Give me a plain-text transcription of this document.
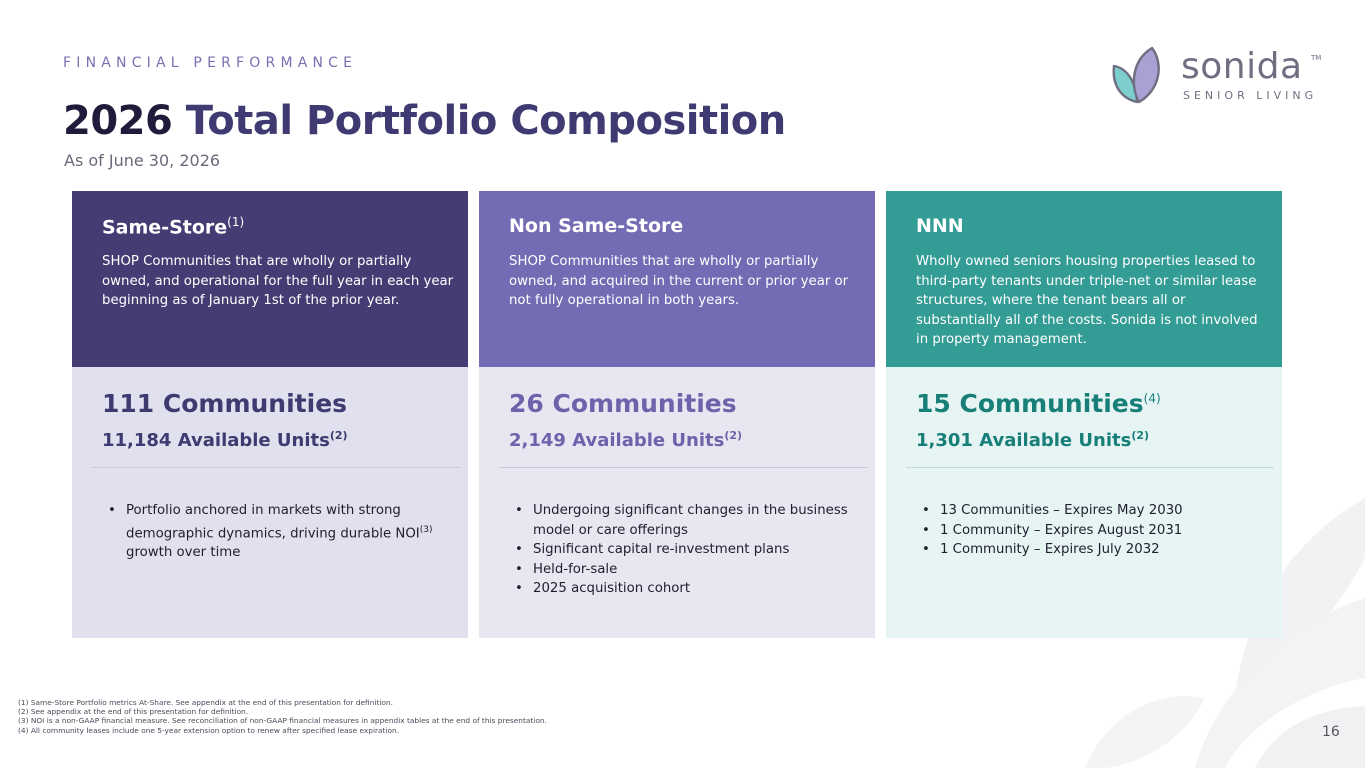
FINANCIAL PERFORMANCE
2026 Total Portfolio Composition
As of June 30, 2026
sonida TM
SENIOR LIVING
Same-Store$^{(1)}$

SHOP Communities that are wholly or partially owned, and operational for the full year in each year beginning as of January 1st of the prior year.

111 Communities
11,184 Available Units$^{(2)}$
• Portfolio anchored in markets with strong demographic dynamics, driving durable NOI$^{(3)}$ growth over time
Non Same-Store

SHOP Communities that are wholly or partially owned, and acquired in the current or prior year or not fully operational in both years.

26 Communities
2,149 Available Units$^{(2)}$
• Undergoing significant changes in the business model or care offerings
• Significant capital re-investment plans
• Held-for-sale
• 2025 acquisition cohort
NNN

Wholly owned seniors housing properties leased to third-party tenants under triple-net or similar lease structures, where the tenant bears all or substantially all of the costs. Sonida is not involved in property management.

15 Communities$^{(4)}$
1,301 Available Units$^{(2)}$
• 13 Communities – Expires May 2030
• 1 Community – Expires August 2031
• 1 Community – Expires July 2032
(1) Same-Store Portfolio metrics At-Share. See appendix at the end of this presentation for definition.
(2) See appendix at the end of this presentation for definition.
(3) NOI is a non-GAAP financial measure. See reconciliation of non-GAAP financial measures in appendix tables at the end of this presentation.
(4) All community leases include one 5-year extension option to renew after specified lease expiration.	16
